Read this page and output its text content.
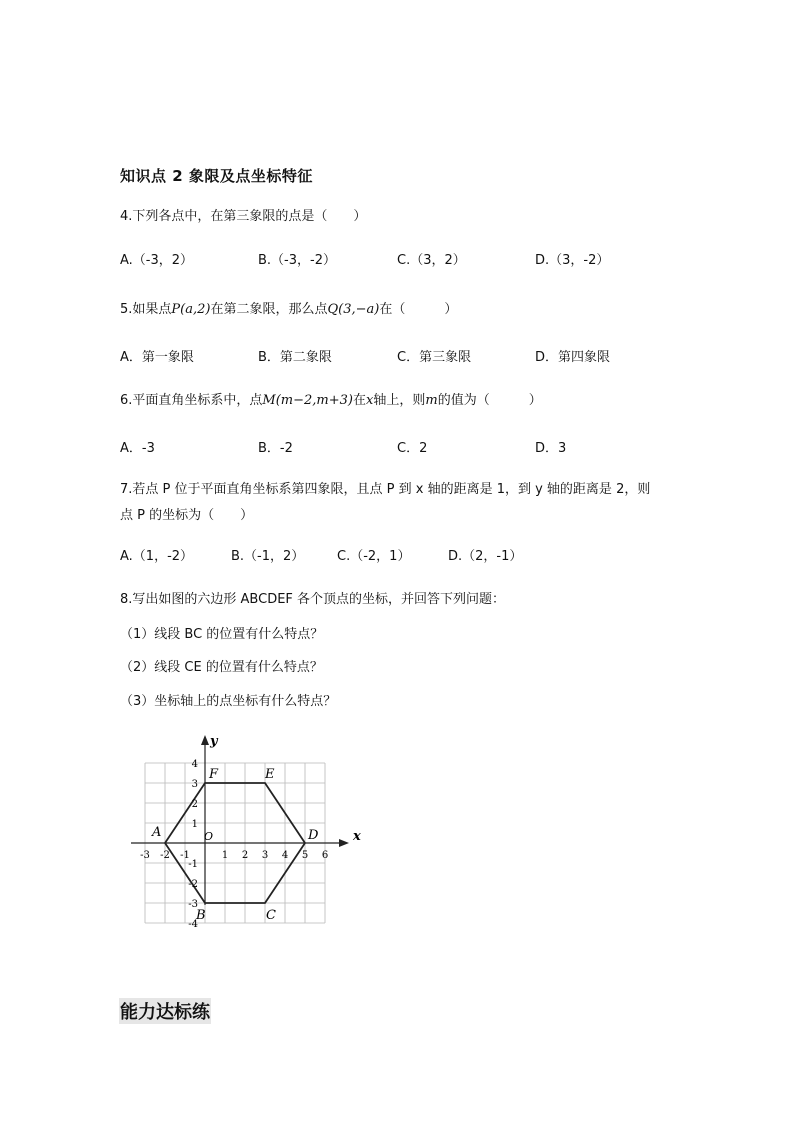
知识点 2 象限及点坐标特征
4.下列各点中，在第三象限的点是（　　）
A.（-3，2）	B.（-3，-2）	C.（3，2）	D.（3，-2）
5.如果点P(a,2)在第二象限，那么点Q(3,−a)在（　　　）
A．第一象限	B．第二象限	C．第三象限	D．第四象限
6.平面直角坐标系中，点M(m−2,m+3)在x轴上，则m的值为（　　　）
A．-3	B．-2	C．2	D．3
7.若点 P 位于平面直角坐标系第四象限，且点 P 到 x 轴的距离是 1，到 y 轴的距离是 2，则
点 P 的坐标为（　　）
A.（1，-2）	B.（-1，2）	C.（-2，1）	D.（2，-1）
8.写出如图的六边形 ABCDEF 各个顶点的坐标，并回答下列问题：
（1）线段 BC 的位置有什么特点？
（2）线段 CE 的位置有什么特点？
（3）坐标轴上的点坐标有什么特点？
x
y
O
-3 -2 -1	1 2 3 4 5 6
4
3
2
1
-1
-2
-3
-4
A
B	C
D
E
F
能力达标练
